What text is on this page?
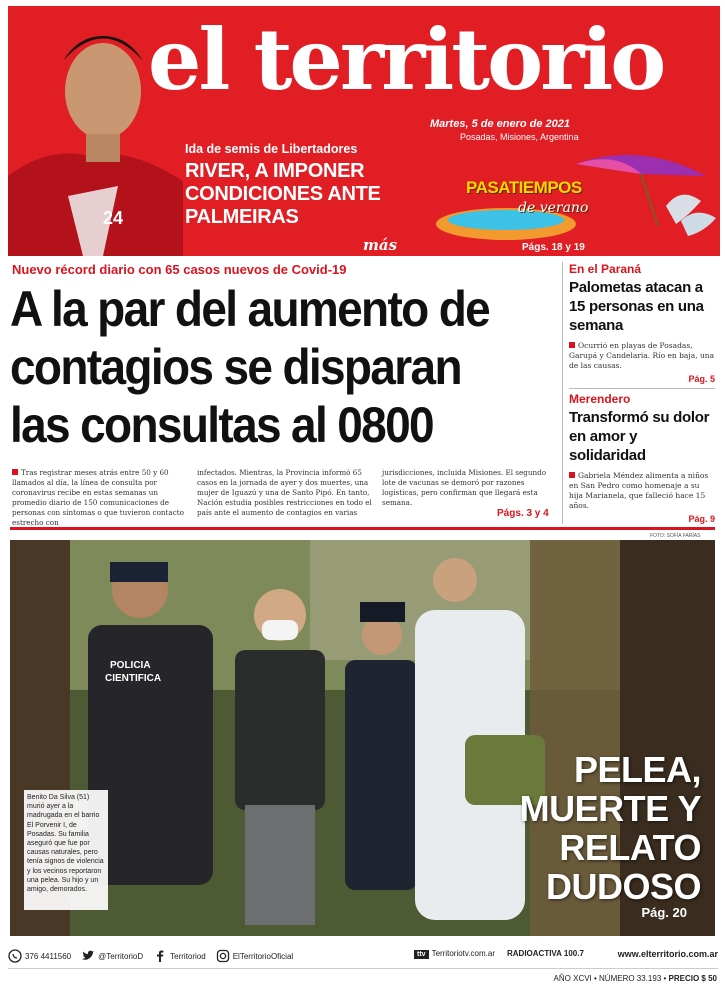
24
el territorio
Martes, 5 de enero de 2021
Posadas, Misiones, Argentina
Ida de semis de Libertadores
RIVER, A IMPONER CONDICIONES ANTE PALMEIRAS
más
PASATIEMPOS
de verano
Págs. 18 y 19
Nuevo récord diario con 65 casos nuevos de Covid-19
A la par del aumento de contagios se disparan las consultas al 0800
Tras registrar meses atrás entre 50 y 60 llamados al día, la línea de consulta por coronavirus recibe en estas semanas un promedio diario de 150 comunicaciones de personas con síntomas o que tuvieron contacto estrecho con
infectados. Mientras, la Provincia informó 65 casos en la jornada de ayer y dos muertes, una mujer de Iguazú y una de Santo Pipó. En tanto, Nación estudia posibles restricciones en todo el país ante el aumento de contagios en varias
jurisdicciones, incluida Misiones. El segundo lote de vacunas se demoró por razones logísticas, pero confirman que llegará esta semana.
Págs. 3 y 4
En el Paraná
Palometas atacan a 15 personas en una semana
Ocurrió en playas de Posadas, Garupá y Candelaria. Río en baja, una de las causas.
Pág. 5
Merendero
Transformó su dolor en amor y solidaridad
Gabriela Méndez alimenta a niños en San Pedro como homenaje a su hija Marianela, que falleció hace 15 años.
Pág. 9
FOTO: SOFÍA FARÍAS
POLICIA
CIENTIFICA
Benito Da Silva (51) murió ayer a la madrugada en el barrio El Porvenir I, de Posadas. Su familia aseguró que fue por causas naturales, pero tenía signos de violencia y los vecinos reportaron una pelea. Su hijo y un amigo, demorados.
PELEA,
MUERTE Y
RELATO
DUDOSO
Pág. 20
376 4411560	@TerritorioD	Territoriod	ElTerritorioOficial	ttv Territoriotv.com.ar RADIOACTIVA 100.7	www.elterritorio.com.ar
AÑO XCVI • NÚMERO 33.193 • PRECIO $ 50
